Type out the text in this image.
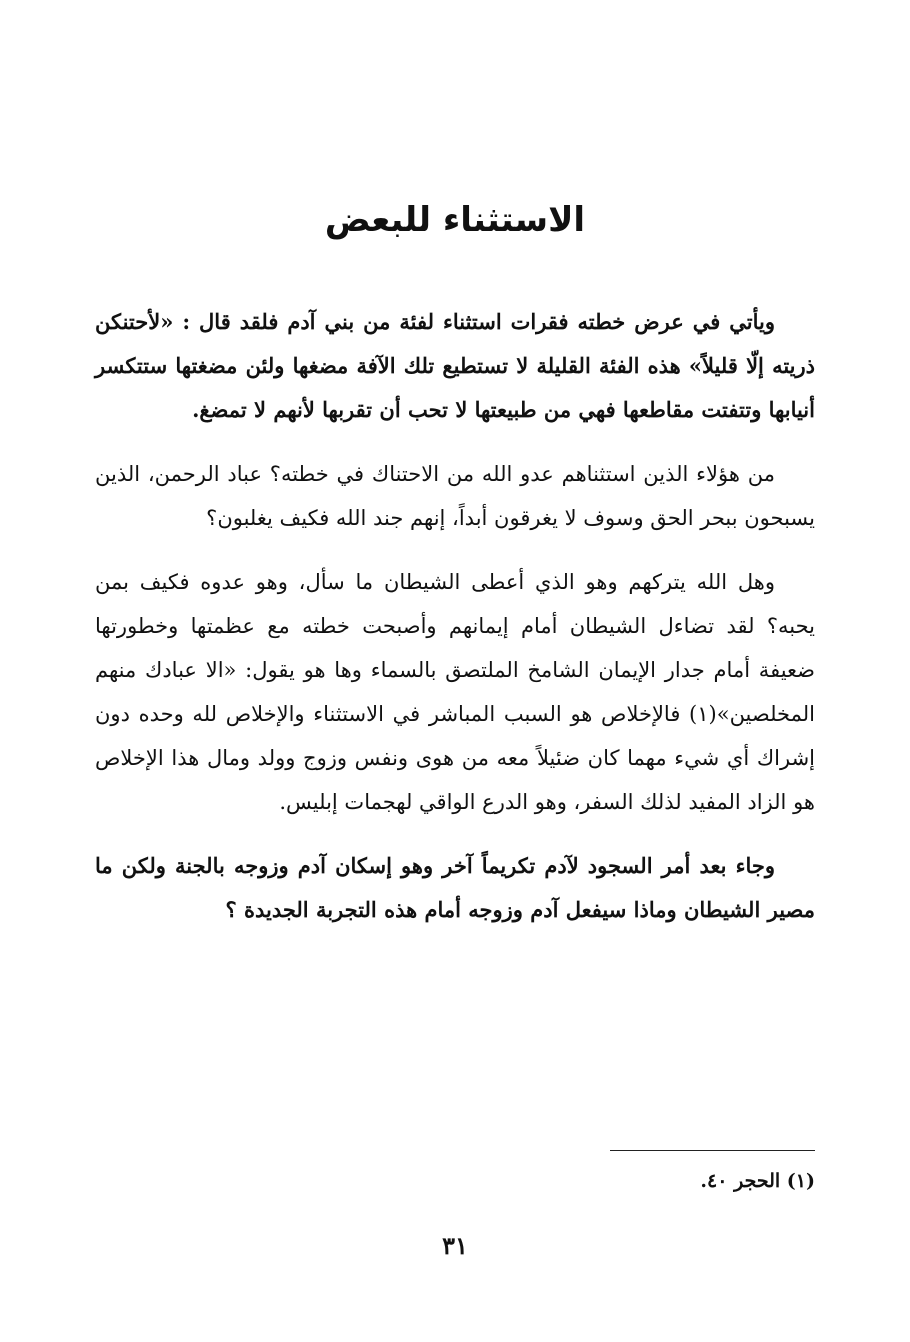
الاستثناء للبعض

ويأتي في عرض خطته فقرات استثناء لفئة من بني آدم فلقد قال : «لأحتنكن ذريته إلّا قليلاً» هذه الفئة القليلة لا تستطيع تلك الآفة مضغها ولئن مضغتها ستتكسر أنيابها وتتفتت مقاطعها فهي من طبيعتها لا تحب أن تقربها لأنهم لا تمضغ.

من هؤلاء الذين استثناهم عدو الله من الاحتناك في خطته؟ عباد الرحمن، الذين يسبحون ببحر الحق وسوف لا يغرقون أبداً، إنهم جند الله فكيف يغلبون؟

وهل الله يتركهم وهو الذي أعطى الشيطان ما سأل، وهو عدوه فكيف بمن يحبه؟ لقد تضاءل الشيطان أمام إيمانهم وأصبحت خطته مع عظمتها وخطورتها ضعيفة أمام جدار الإيمان الشامخ الملتصق بالسماء وها هو يقول: «الا عبادك منهم المخلصين»(١) فالإخلاص هو السبب المباشر في الاستثناء والإخلاص لله وحده دون إشراك أي شيء مهما كان ضئيلاً معه من هوى ونفس وزوج وولد ومال هذا الإخلاص هو الزاد المفيد لذلك السفر، وهو الدرع الواقي لهجمات إبليس.

وجاء بعد أمر السجود لآدم تكريماً آخر وهو إسكان آدم وزوجه بالجنة ولكن ما مصير الشيطان وماذا سيفعل آدم وزوجه أمام هذه التجربة الجديدة ؟

(١) الحجر ٤٠.
٣١
